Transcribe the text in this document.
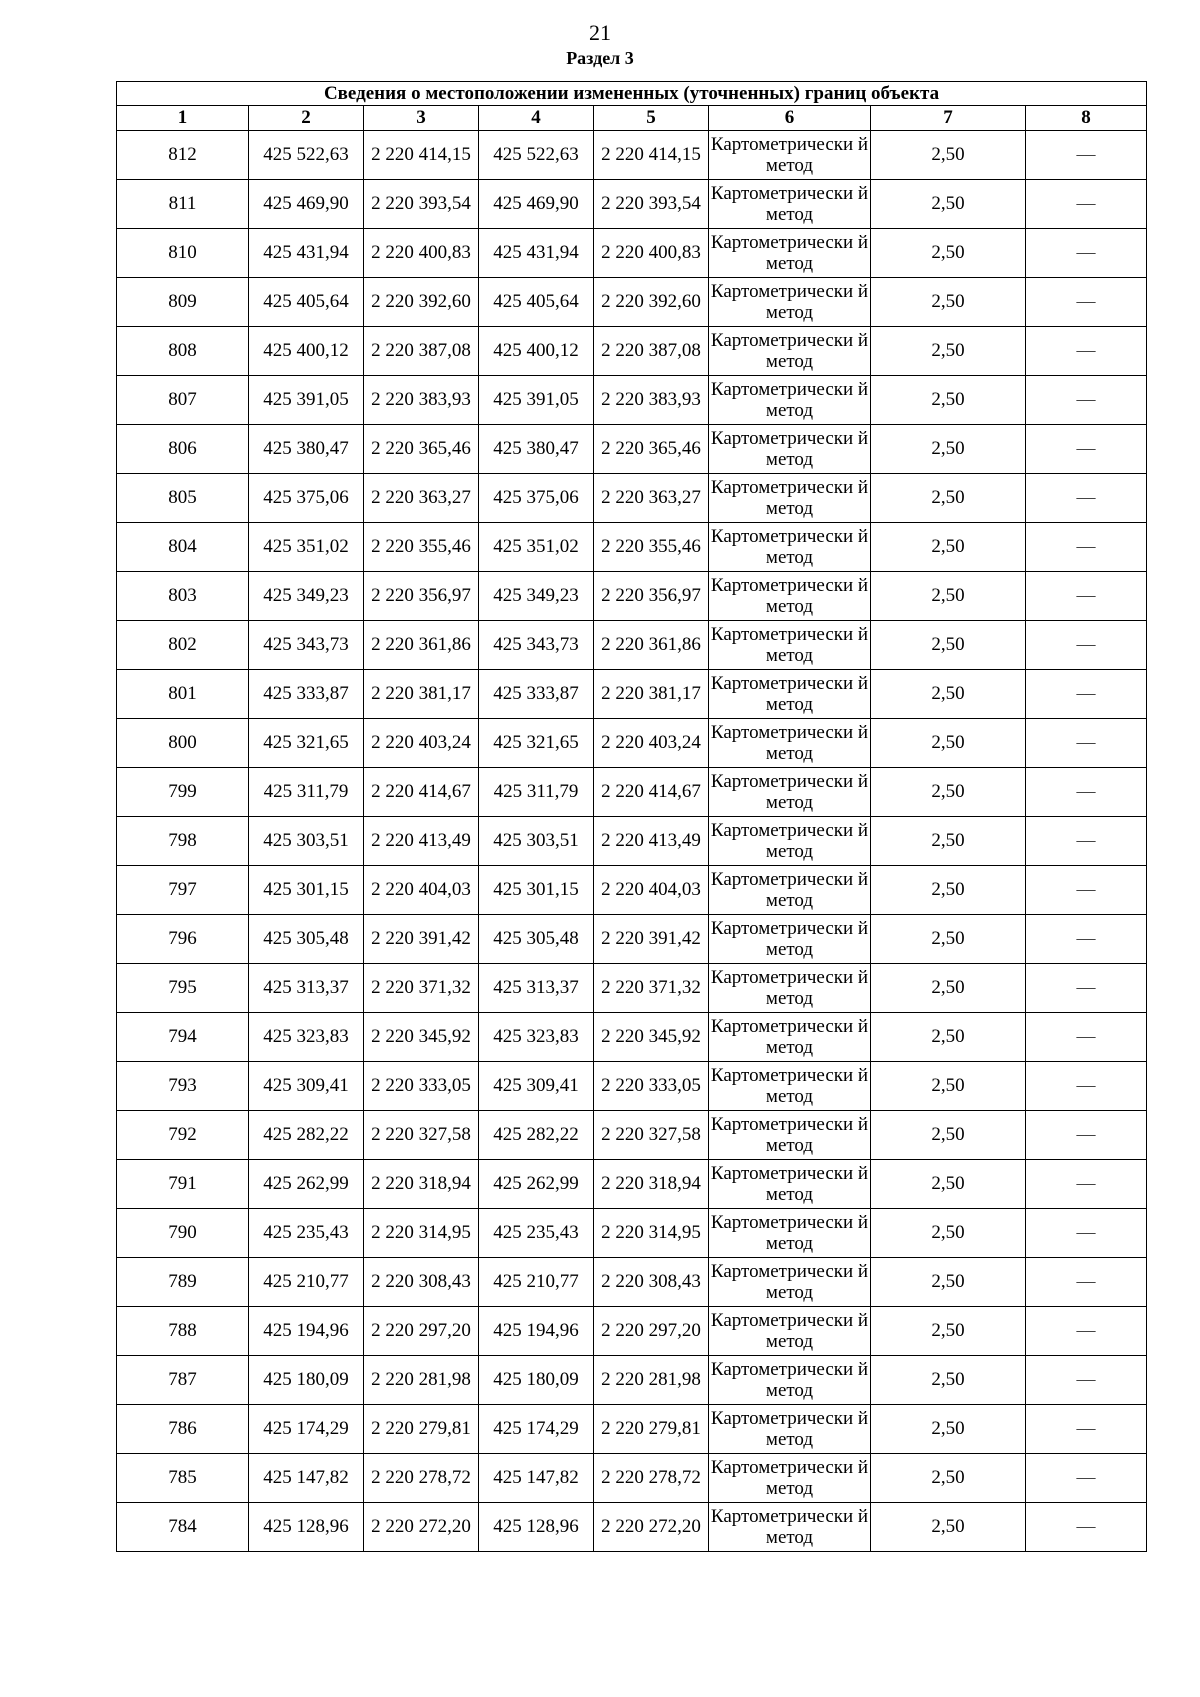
21
Раздел 3
Сведения о местоположении измененных (уточненных) границ объекта							
1	2	3	4	5	6	7	8
812	425 522,63	2 220 414,15	425 522,63	2 220 414,15	Картометрически й метод	2,50	—
811	425 469,90	2 220 393,54	425 469,90	2 220 393,54	Картометрически й метод	2,50	—
810	425 431,94	2 220 400,83	425 431,94	2 220 400,83	Картометрически й метод	2,50	—
809	425 405,64	2 220 392,60	425 405,64	2 220 392,60	Картометрически й метод	2,50	—
808	425 400,12	2 220 387,08	425 400,12	2 220 387,08	Картометрически й метод	2,50	—
807	425 391,05	2 220 383,93	425 391,05	2 220 383,93	Картометрически й метод	2,50	—
806	425 380,47	2 220 365,46	425 380,47	2 220 365,46	Картометрически й метод	2,50	—
805	425 375,06	2 220 363,27	425 375,06	2 220 363,27	Картометрически й метод	2,50	—
804	425 351,02	2 220 355,46	425 351,02	2 220 355,46	Картометрически й метод	2,50	—
803	425 349,23	2 220 356,97	425 349,23	2 220 356,97	Картометрически й метод	2,50	—
802	425 343,73	2 220 361,86	425 343,73	2 220 361,86	Картометрически й метод	2,50	—
801	425 333,87	2 220 381,17	425 333,87	2 220 381,17	Картометрически й метод	2,50	—
800	425 321,65	2 220 403,24	425 321,65	2 220 403,24	Картометрически й метод	2,50	—
799	425 311,79	2 220 414,67	425 311,79	2 220 414,67	Картометрически й метод	2,50	—
798	425 303,51	2 220 413,49	425 303,51	2 220 413,49	Картометрически й метод	2,50	—
797	425 301,15	2 220 404,03	425 301,15	2 220 404,03	Картометрически й метод	2,50	—
796	425 305,48	2 220 391,42	425 305,48	2 220 391,42	Картометрически й метод	2,50	—
795	425 313,37	2 220 371,32	425 313,37	2 220 371,32	Картометрически й метод	2,50	—
794	425 323,83	2 220 345,92	425 323,83	2 220 345,92	Картометрически й метод	2,50	—
793	425 309,41	2 220 333,05	425 309,41	2 220 333,05	Картометрически й метод	2,50	—
792	425 282,22	2 220 327,58	425 282,22	2 220 327,58	Картометрически й метод	2,50	—
791	425 262,99	2 220 318,94	425 262,99	2 220 318,94	Картометрически й метод	2,50	—
790	425 235,43	2 220 314,95	425 235,43	2 220 314,95	Картометрически й метод	2,50	—
789	425 210,77	2 220 308,43	425 210,77	2 220 308,43	Картометрически й метод	2,50	—
788	425 194,96	2 220 297,20	425 194,96	2 220 297,20	Картометрически й метод	2,50	—
787	425 180,09	2 220 281,98	425 180,09	2 220 281,98	Картометрически й метод	2,50	—
786	425 174,29	2 220 279,81	425 174,29	2 220 279,81	Картометрически й метод	2,50	—
785	425 147,82	2 220 278,72	425 147,82	2 220 278,72	Картометрически й метод	2,50	—
784	425 128,96	2 220 272,20	425 128,96	2 220 272,20	Картометрически й метод	2,50	—
